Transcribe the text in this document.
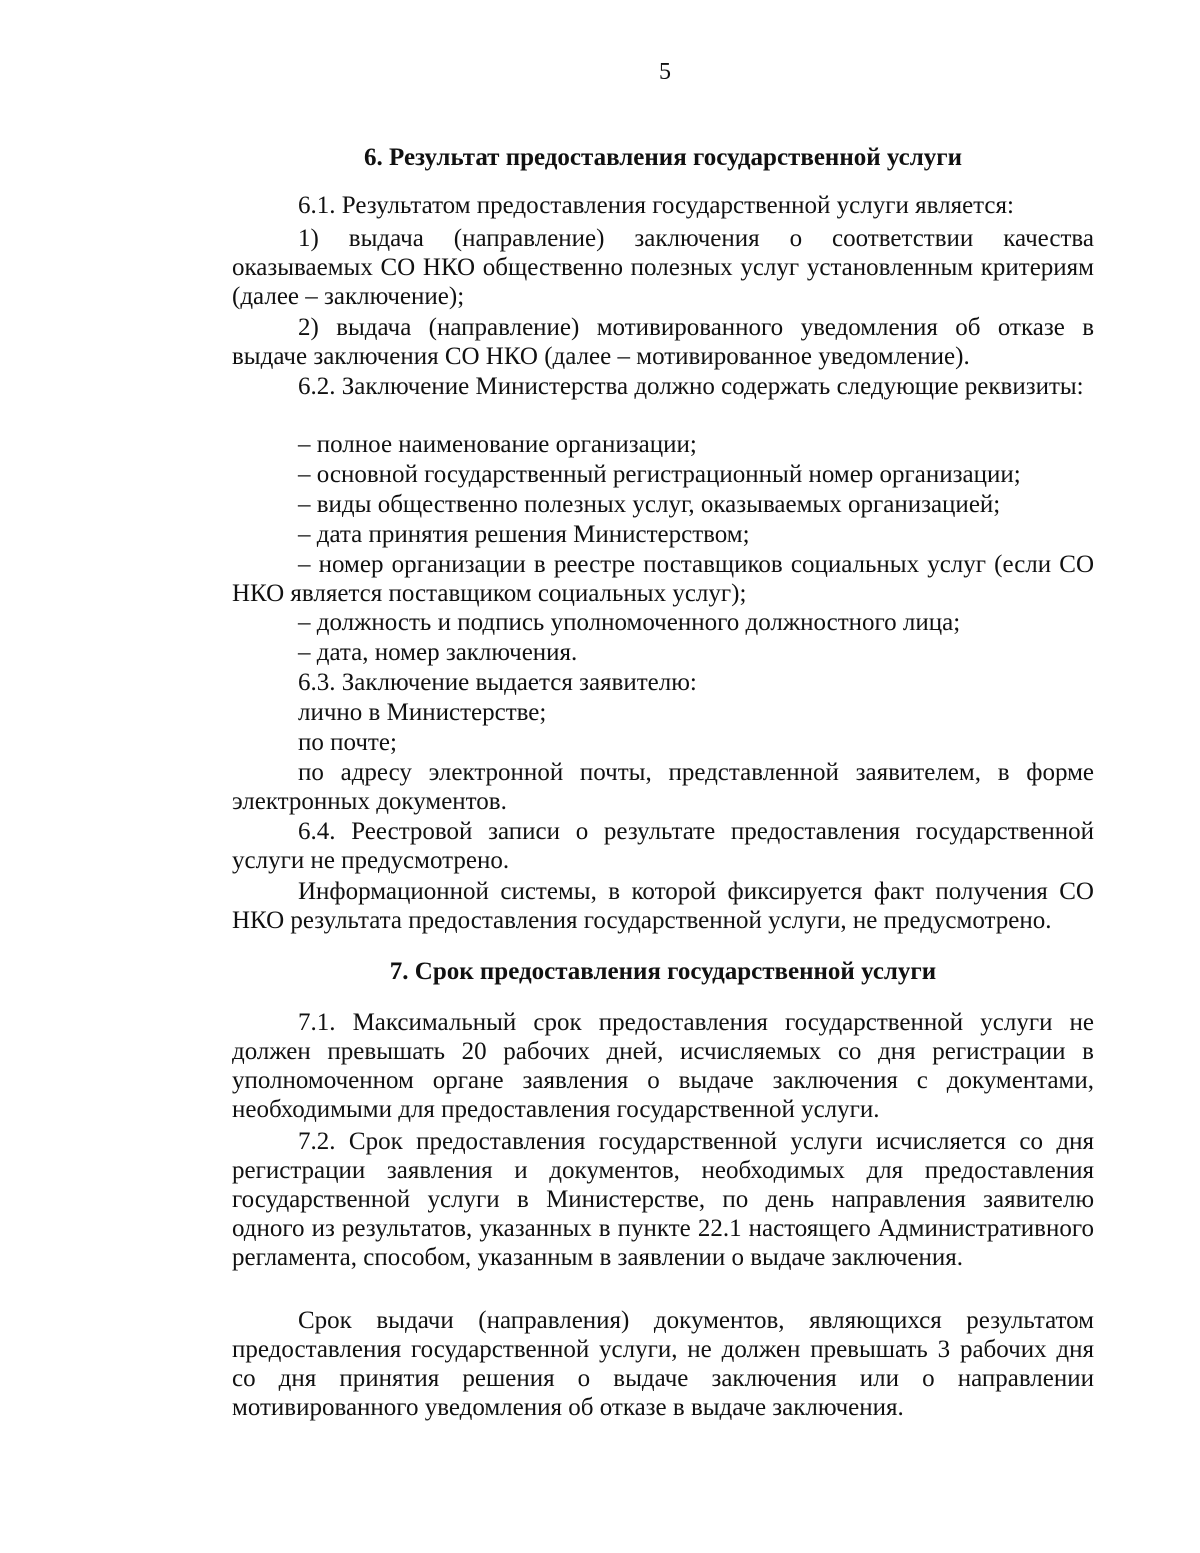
5
6. Результат предоставления государственной услуги

6.1. Результатом предоставления государственной услуги является:

1) выдача (направление) заключения о соответствии качества оказываемых СО НКО общественно полезных услуг установленным критериям (далее – заключение);

2) выдача (направление) мотивированного уведомления об отказе в выдаче заключения СО НКО (далее – мотивированное уведомление).

6.2. Заключение Министерства должно содержать следующие реквизиты:

– полное наименование организации;

– основной государственный регистрационный номер организации;

– виды общественно полезных услуг, оказываемых организацией;

– дата принятия решения Министерством;

– номер организации в реестре поставщиков социальных услуг (если СО НКО является поставщиком социальных услуг);

– должность и подпись уполномоченного должностного лица;

– дата, номер заключения.

6.3. Заключение выдается заявителю:

лично в Министерстве;

по почте;

по адресу электронной почты, представленной заявителем, в форме электронных документов.

6.4. Реестровой записи о результате предоставления государственной услуги не предусмотрено.

Информационной системы, в которой фиксируется факт получения СО НКО результата предоставления государственной услуги, не предусмотрено.

7. Срок предоставления государственной услуги

7.1. Максимальный срок предоставления государственной услуги не должен превышать 20 рабочих дней, исчисляемых со дня регистрации в уполномоченном органе заявления о выдаче заключения с документами, необходимыми для предоставления государственной услуги.

7.2. Срок предоставления государственной услуги исчисляется со дня регистрации заявления и документов, необходимых для предоставления государственной услуги в Министерстве, по день направления заявителю одного из результатов, указанных в пункте 22.1 настоящего Административного регламента, способом, указанным в заявлении о выдаче заключения.

Срок выдачи (направления) документов, являющихся результатом предоставления государственной услуги, не должен превышать 3 рабочих дня со дня принятия решения о выдаче заключения или о направлении мотивированного уведомления об отказе в выдаче заключения.
